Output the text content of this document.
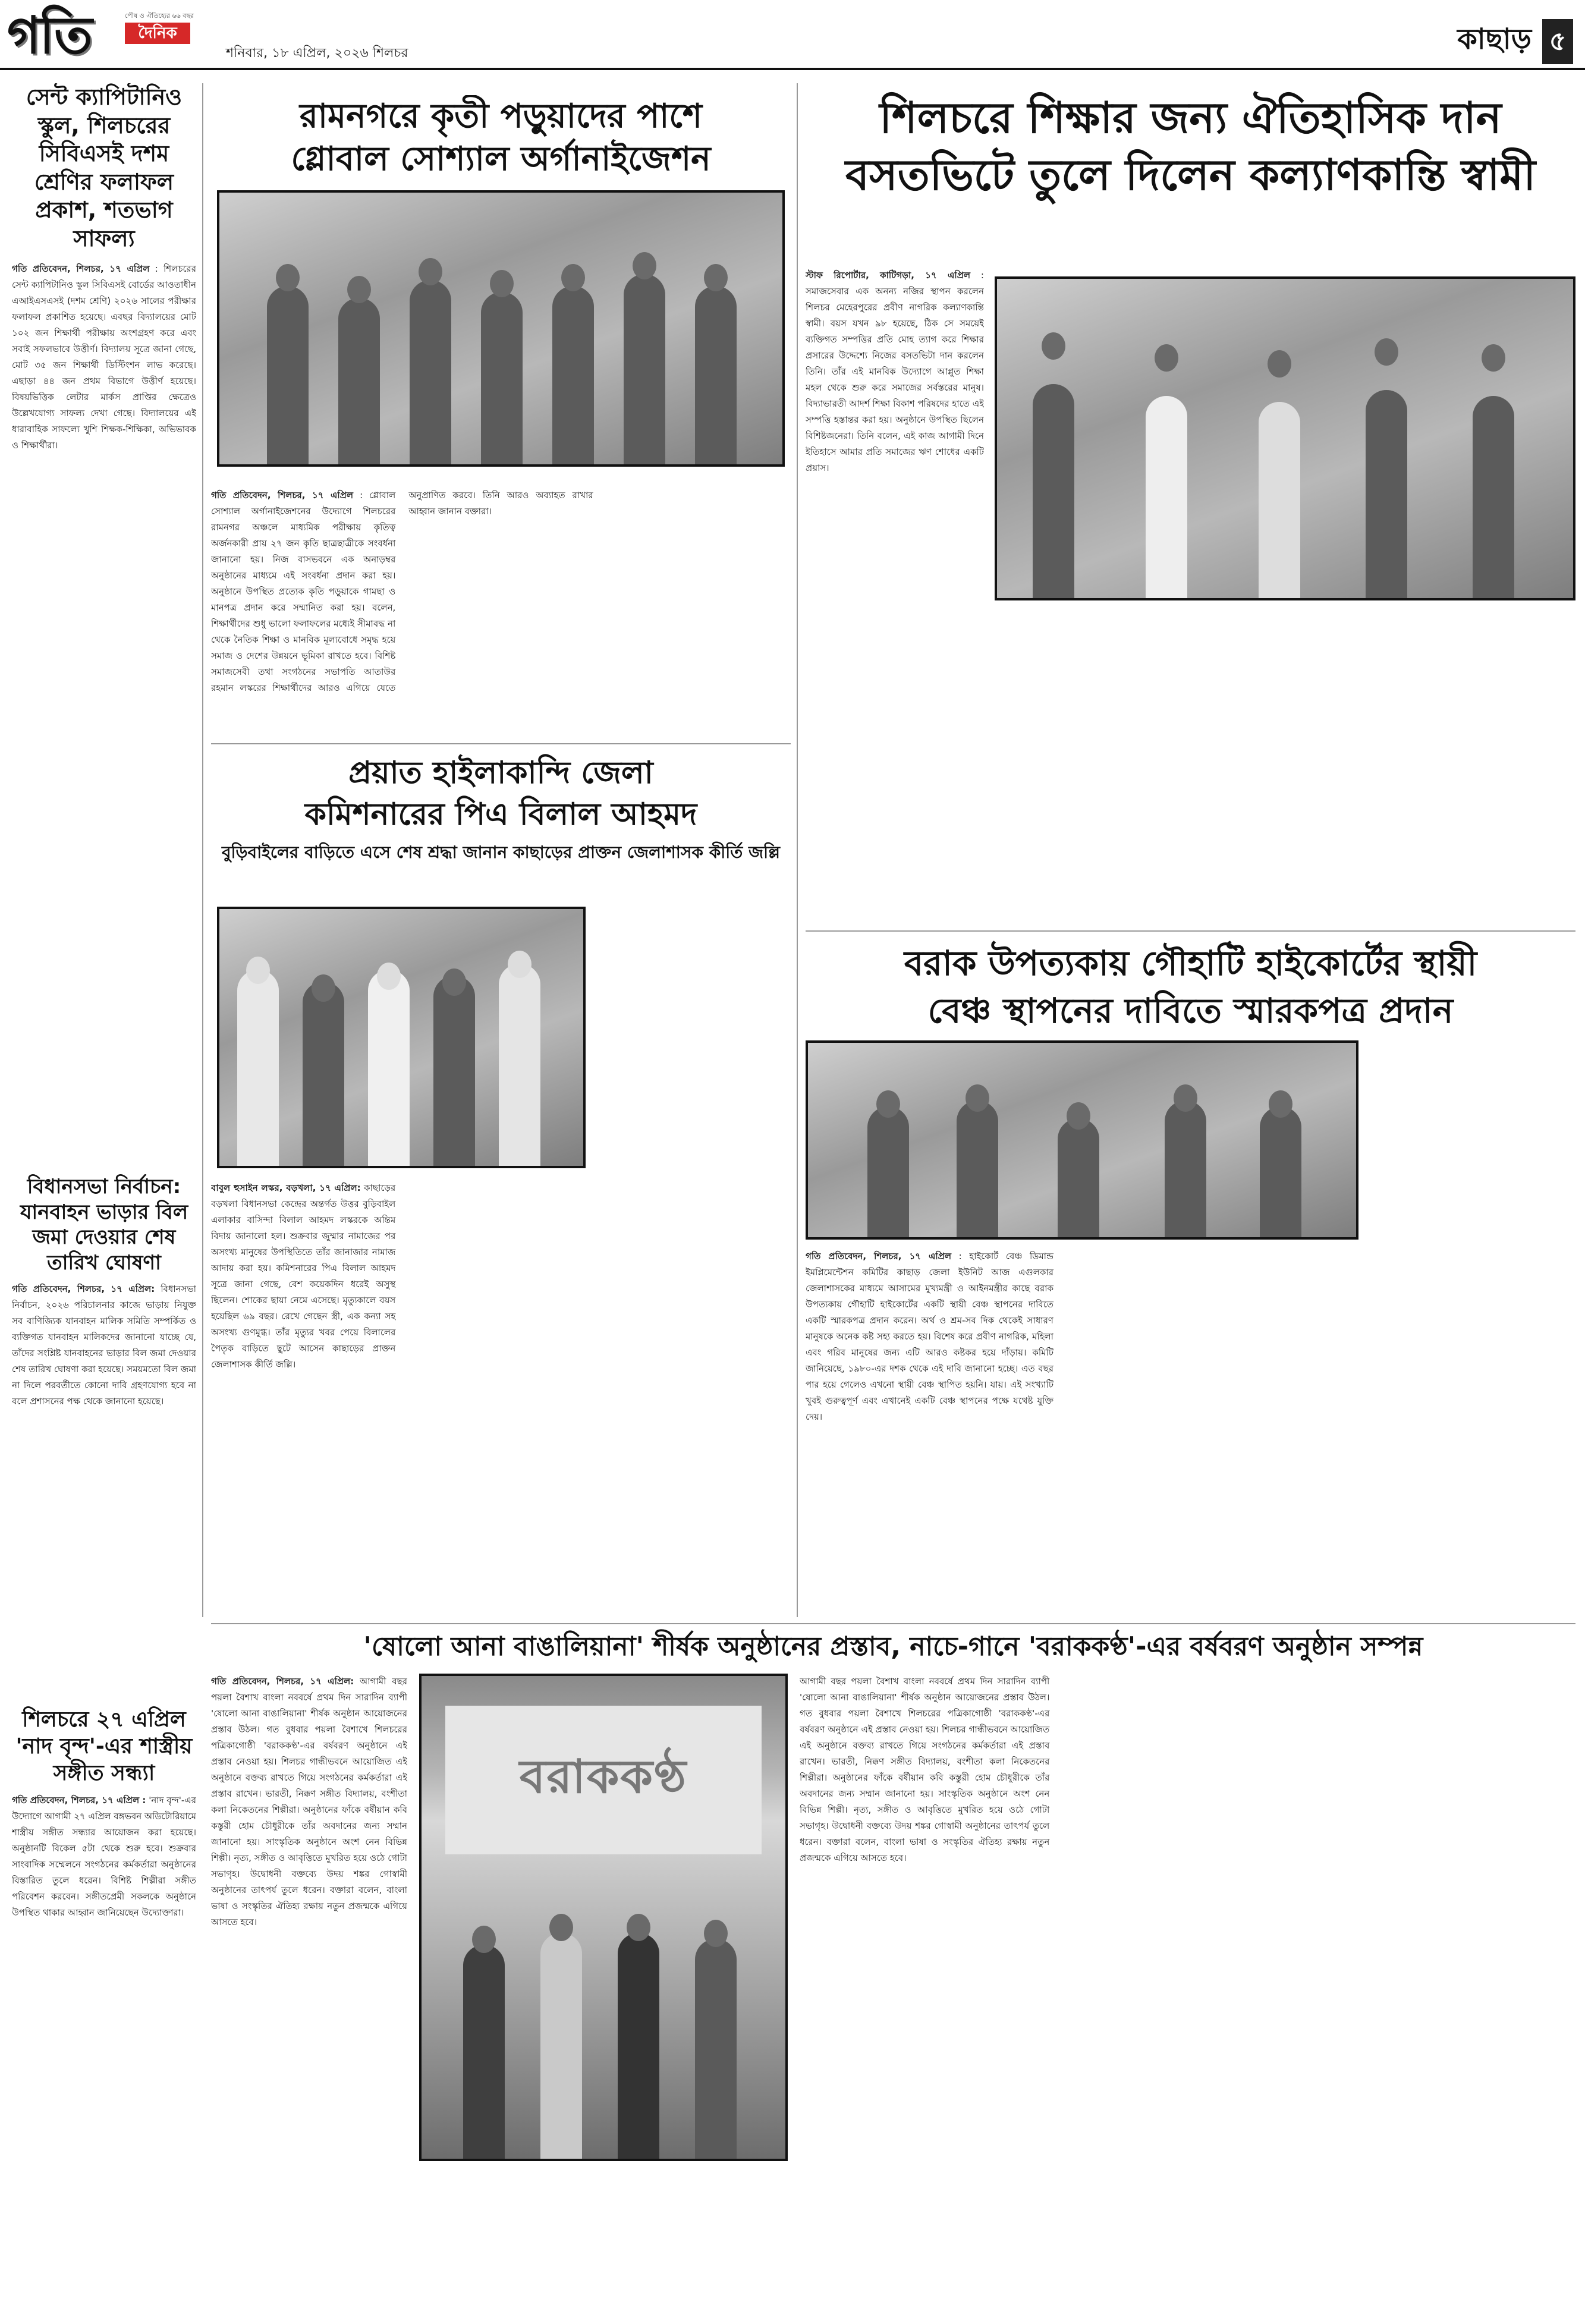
গতি	পৌষ ও ঐতিহ্যের ৬৬ বছর
দৈনিক
শনিবার, ১৮ এপ্রিল, ২০২৬ শিলচর	কাছাড় ৫
সেন্ট ক্যাপিটানিও স্কুল, শিলচরের সিবিএসই দশম শ্রেণির ফলাফল প্রকাশ, শতভাগ সাফল্য
গতি প্রতিবেদন, শিলচর, ১৭ এপ্রিল : শিলচরের সেন্ট ক্যাপিটানিও স্কুল সিবিএসই বোর্ডের আওতাধীন এআইএসএসই (দশম শ্রেণি) ২০২৬ সালের পরীক্ষার ফলাফল প্রকাশিত হয়েছে। এবছর বিদ্যালয়ের মোট ১০২ জন শিক্ষার্থী পরীক্ষায় অংশগ্রহণ করে এবং সবাই সফলভাবে উত্তীর্ণ। বিদ্যালয় সূত্রে জানা গেছে, মোট ৩৫ জন শিক্ষার্থী ডিস্টিংশন লাভ করেছে। এছাড়া ৪৪ জন প্রথম বিভাগে উত্তীর্ণ হয়েছে। বিষয়ভিত্তিক লেটার মার্কস প্রাপ্তির ক্ষেত্রেও উল্লেখযোগ্য সাফল্য দেখা গেছে। বিদ্যালয়ের এই ধারাবাহিক সাফল্যে খুশি শিক্ষক-শিক্ষিকা, অভিভাবক ও শিক্ষার্থীরা।
বিধানসভা নির্বাচন: যানবাহন ভাড়ার বিল জমা দেওয়ার শেষ তারিখ ঘোষণা
গতি প্রতিবেদন, শিলচর, ১৭ এপ্রিল: বিধানসভা নির্বাচন, ২০২৬ পরিচালনার কাজে ভাড়ায় নিযুক্ত সব বাণিজ্যিক যানবাহন মালিক সমিতি সম্পর্কিত ও ব্যক্তিগত যানবাহন মালিকদের জানানো যাচ্ছে যে, তাঁদের সংশ্লিষ্ট যানবাহনের ভাড়ার বিল জমা দেওয়ার শেষ তারিখ ঘোষণা করা হয়েছে। সময়মতো বিল জমা না দিলে পরবর্তীতে কোনো দাবি গ্রহণযোগ্য হবে না বলে প্রশাসনের পক্ষ থেকে জানানো হয়েছে।
শিলচরে ২৭ এপ্রিল 'নাদ বৃন্দ'-এর শাস্ত্রীয় সঙ্গীত সন্ধ্যা
গতি প্রতিবেদন, শিলচর, ১৭ এপ্রিল : 'নাদ বৃন্দ'-এর উদ্যোগে আগামী ২৭ এপ্রিল বঙ্গভবন অডিটোরিয়ামে শাস্ত্রীয় সঙ্গীত সন্ধ্যার আয়োজন করা হয়েছে। অনুষ্ঠানটি বিকেল ৫টা থেকে শুরু হবে। শুক্রবার সাংবাদিক সম্মেলনে সংগঠনের কর্মকর্তারা অনুষ্ঠানের বিস্তারিত তুলে ধরেন। বিশিষ্ট শিল্পীরা সঙ্গীত পরিবেশন করবেন। সঙ্গীতপ্রেমী সকলকে অনুষ্ঠানে উপস্থিত থাকার আহ্বান জানিয়েছেন উদ্যোক্তারা।
রামনগরে কৃতী পড়ুয়াদের পাশে
গ্লোবাল সোশ্যাল অর্গানাইজেশন
গতি প্রতিবেদন, শিলচর, ১৭ এপ্রিল : গ্লোবাল সোশ্যাল অর্গানাইজেশনের উদ্যোগে শিলচরের রামনগর অঞ্চলে মাধ্যমিক পরীক্ষায় কৃতিত্ব অর্জনকারী প্রায় ২৭ জন কৃতি ছাত্রছাত্রীকে সংবর্ধনা জানানো হয়। নিজ বাসভবনে এক অনাড়ম্বর অনুষ্ঠানের মাধ্যমে এই সংবর্ধনা প্রদান করা হয়। অনুষ্ঠানে উপস্থিত প্রত্যেক কৃতি পড়ুয়াকে গামছা ও মানপত্র প্রদান করে সম্মানিত করা হয়। বলেন, শিক্ষার্থীদের শুধু ভালো ফলাফলের মধ্যেই সীমাবদ্ধ না থেকে নৈতিক শিক্ষা ও মানবিক মূল্যবোধে সমৃদ্ধ হয়ে সমাজ ও দেশের উন্নয়নে ভূমিকা রাখতে হবে। বিশিষ্ট সমাজসেবী তথা সংগঠনের সভাপতি আতাউর রহমান লস্করের শিক্ষার্থীদের আরও এগিয়ে যেতে অনুপ্রাণিত করবে। তিনি আরও অব্যাহত রাখার আহ্বান জানান বক্তারা।
প্রয়াত হাইলাকান্দি জেলা
কমিশনারের পিএ বিলাল আহমদ
বুড়িবাইলের বাড়িতে এসে শেষ শ্রদ্ধা জানান কাছাড়ের প্রাক্তন জেলাশাসক কীর্তি জল্লি
বাবুল হুসাইন লস্কর, বড়খলা, ১৭ এপ্রিল: কাছাড়ের বড়খলা বিধানসভা কেন্দ্রের অন্তর্গত উত্তর বুড়িবাইল এলাকার বাসিন্দা বিলাল আহমদ লস্করকে অন্তিম বিদায় জানালো হল। শুক্রবার জুম্মার নামাজের পর অসংখ্য মানুষের উপস্থিতিতে তাঁর জানাজার নামাজ আদায় করা হয়। কমিশনারের পিএ বিলাল আহমদ সূত্রে জানা গেছে, বেশ কয়েকদিন ধরেই অসুস্থ ছিলেন। শোকের ছায়া নেমে এসেছে। মৃত্যুকালে বয়স হয়েছিল ৬৯ বছর। রেখে গেছেন স্ত্রী, এক কন্যা সহ অসংখ্য গুণমুগ্ধ। তাঁর মৃত্যুর খবর পেয়ে বিলালের পৈতৃক বাড়িতে ছুটে আসেন কাছাড়ের প্রাক্তন জেলাশাসক কীর্তি জল্লি।
শিলচরে শিক্ষার জন্য ঐতিহাসিক দান
বসতভিটে তুলে দিলেন কল্যাণকান্তি স্বামী
স্টাফ রিপোর্টার, কাটিগড়া, ১৭ এপ্রিল : সমাজসেবার এক অনন্য নজির স্থাপন করলেন শিলচর মেহেরপুরের প্রবীণ নাগরিক কল্যাণকান্তি স্বামী। বয়স যখন ৯৮ হয়েছে, ঠিক সে সময়েই ব্যক্তিগত সম্পত্তির প্রতি মোহ ত্যাগ করে শিক্ষার প্রসারের উদ্দেশ্যে নিজের বসতভিটা দান করলেন তিনি। তাঁর এই মানবিক উদ্যোগে আপ্লুত শিক্ষা মহল থেকে শুরু করে সমাজের সর্বস্তরের মানুষ। বিদ্যাভারতী আদর্শ শিক্ষা বিকাশ পরিষদের হাতে এই সম্পত্তি হস্তান্তর করা হয়। অনুষ্ঠানে উপস্থিত ছিলেন বিশিষ্টজনেরা। তিনি বলেন, এই কাজ আগামী দিনে ইতিহাসে আমার প্রতি সমাজের ঋণ শোধের একটি প্রয়াস।
বরাক উপত্যকায় গৌহাটি হাইকোর্টের স্থায়ী
বেঞ্চ স্থাপনের দাবিতে স্মারকপত্র প্রদান
গতি প্রতিবেদন, শিলচর, ১৭ এপ্রিল : হাইকোর্ট বেঞ্চ ডিমান্ড ইমপ্লিমেন্টেশন কমিটির কাছাড় জেলা ইউনিট আজ এগুলকার জেলাশাসকের মাধ্যমে আসামের মুখ্যমন্ত্রী ও আইনমন্ত্রীর কাছে বরাক উপত্যকায় গৌহাটি হাইকোর্টের একটি স্থায়ী বেঞ্চ স্থাপনের দাবিতে একটি স্মারকপত্র প্রদান করেন। অর্থ ও শ্রম-সব দিক থেকেই সাধারণ মানুষকে অনেক কষ্ট সহ্য করতে হয়। বিশেষ করে প্রবীণ নাগরিক, মহিলা এবং গরিব মানুষের জন্য এটি আরও কষ্টকর হয়ে দাঁড়ায়। কমিটি জানিয়েছে, ১৯৮০-এর দশক থেকে এই দাবি জানানো হচ্ছে। এত বছর পার হয়ে গেলেও এখনো স্থায়ী বেঞ্চ স্থাপিত হয়নি। যায়। এই সংখ্যাটি খুবই গুরুত্বপূর্ণ এবং এখানেই একটি বেঞ্চ স্থাপনের পক্ষে যথেষ্ট যুক্তি দেয়।
'ষোলো আনা বাঙালিয়ানা' শীর্ষক অনুষ্ঠানের প্রস্তাব, নাচে-গানে 'বরাককণ্ঠ'-এর বর্ষবরণ অনুষ্ঠান সম্পন্ন
গতি প্রতিবেদন, শিলচর, ১৭ এপ্রিল: আগামী বছর পয়লা বৈশাখ বাংলা নববর্ষে প্রথম দিন সারাদিন ব্যাপী 'ষোলো আনা বাঙালিয়ানা' শীর্ষক অনুষ্ঠান আয়োজনের প্রস্তাব উঠল। গত বুধবার পয়লা বৈশাখে শিলচরের পত্রিকাগোষ্ঠী 'বরাককণ্ঠ'-এর বর্ষবরণ অনুষ্ঠানে এই প্রস্তাব নেওয়া হয়। শিলচর গান্ধীভবনে আয়োজিত এই অনুষ্ঠানে বক্তব্য রাখতে গিয়ে সংগঠনের কর্মকর্তারা এই প্রস্তাব রাখেন। ভারতী, নিক্কণ সঙ্গীত বিদ্যালয়, বংশীতা কলা নিকেতনের শিল্পীরা। অনুষ্ঠানের ফাঁকে বর্ষীয়ান কবি কস্তুরী হোম চৌধুরীকে তাঁর অবদানের জন্য সম্মান জানানো হয়। সাংস্কৃতিক অনুষ্ঠানে অংশ নেন বিভিন্ন শিল্পী। নৃত্য, সঙ্গীত ও আবৃত্তিতে মুখরিত হয়ে ওঠে গোটা সভাগৃহ। উদ্বোধনী বক্তব্যে উদয় শঙ্কর গোস্বামী অনুষ্ঠানের তাৎপর্য তুলে ধরেন। বক্তারা বলেন, বাংলা ভাষা ও সংস্কৃতির ঐতিহ্য রক্ষায় নতুন প্রজন্মকে এগিয়ে আসতে হবে।
বরাককণ্ঠ
আগামী বছর পয়লা বৈশাখ বাংলা নববর্ষে প্রথম দিন সারাদিন ব্যাপী 'ষোলো আনা বাঙালিয়ানা' শীর্ষক অনুষ্ঠান আয়োজনের প্রস্তাব উঠল। গত বুধবার পয়লা বৈশাখে শিলচরের পত্রিকাগোষ্ঠী 'বরাককণ্ঠ'-এর বর্ষবরণ অনুষ্ঠানে এই প্রস্তাব নেওয়া হয়। শিলচর গান্ধীভবনে আয়োজিত এই অনুষ্ঠানে বক্তব্য রাখতে গিয়ে সংগঠনের কর্মকর্তারা এই প্রস্তাব রাখেন। ভারতী, নিক্কণ সঙ্গীত বিদ্যালয়, বংশীতা কলা নিকেতনের শিল্পীরা। অনুষ্ঠানের ফাঁকে বর্ষীয়ান কবি কস্তুরী হোম চৌধুরীকে তাঁর অবদানের জন্য সম্মান জানানো হয়। সাংস্কৃতিক অনুষ্ঠানে অংশ নেন বিভিন্ন শিল্পী। নৃত্য, সঙ্গীত ও আবৃত্তিতে মুখরিত হয়ে ওঠে গোটা সভাগৃহ। উদ্বোধনী বক্তব্যে উদয় শঙ্কর গোস্বামী অনুষ্ঠানের তাৎপর্য তুলে ধরেন। বক্তারা বলেন, বাংলা ভাষা ও সংস্কৃতির ঐতিহ্য রক্ষায় নতুন প্রজন্মকে এগিয়ে আসতে হবে।
